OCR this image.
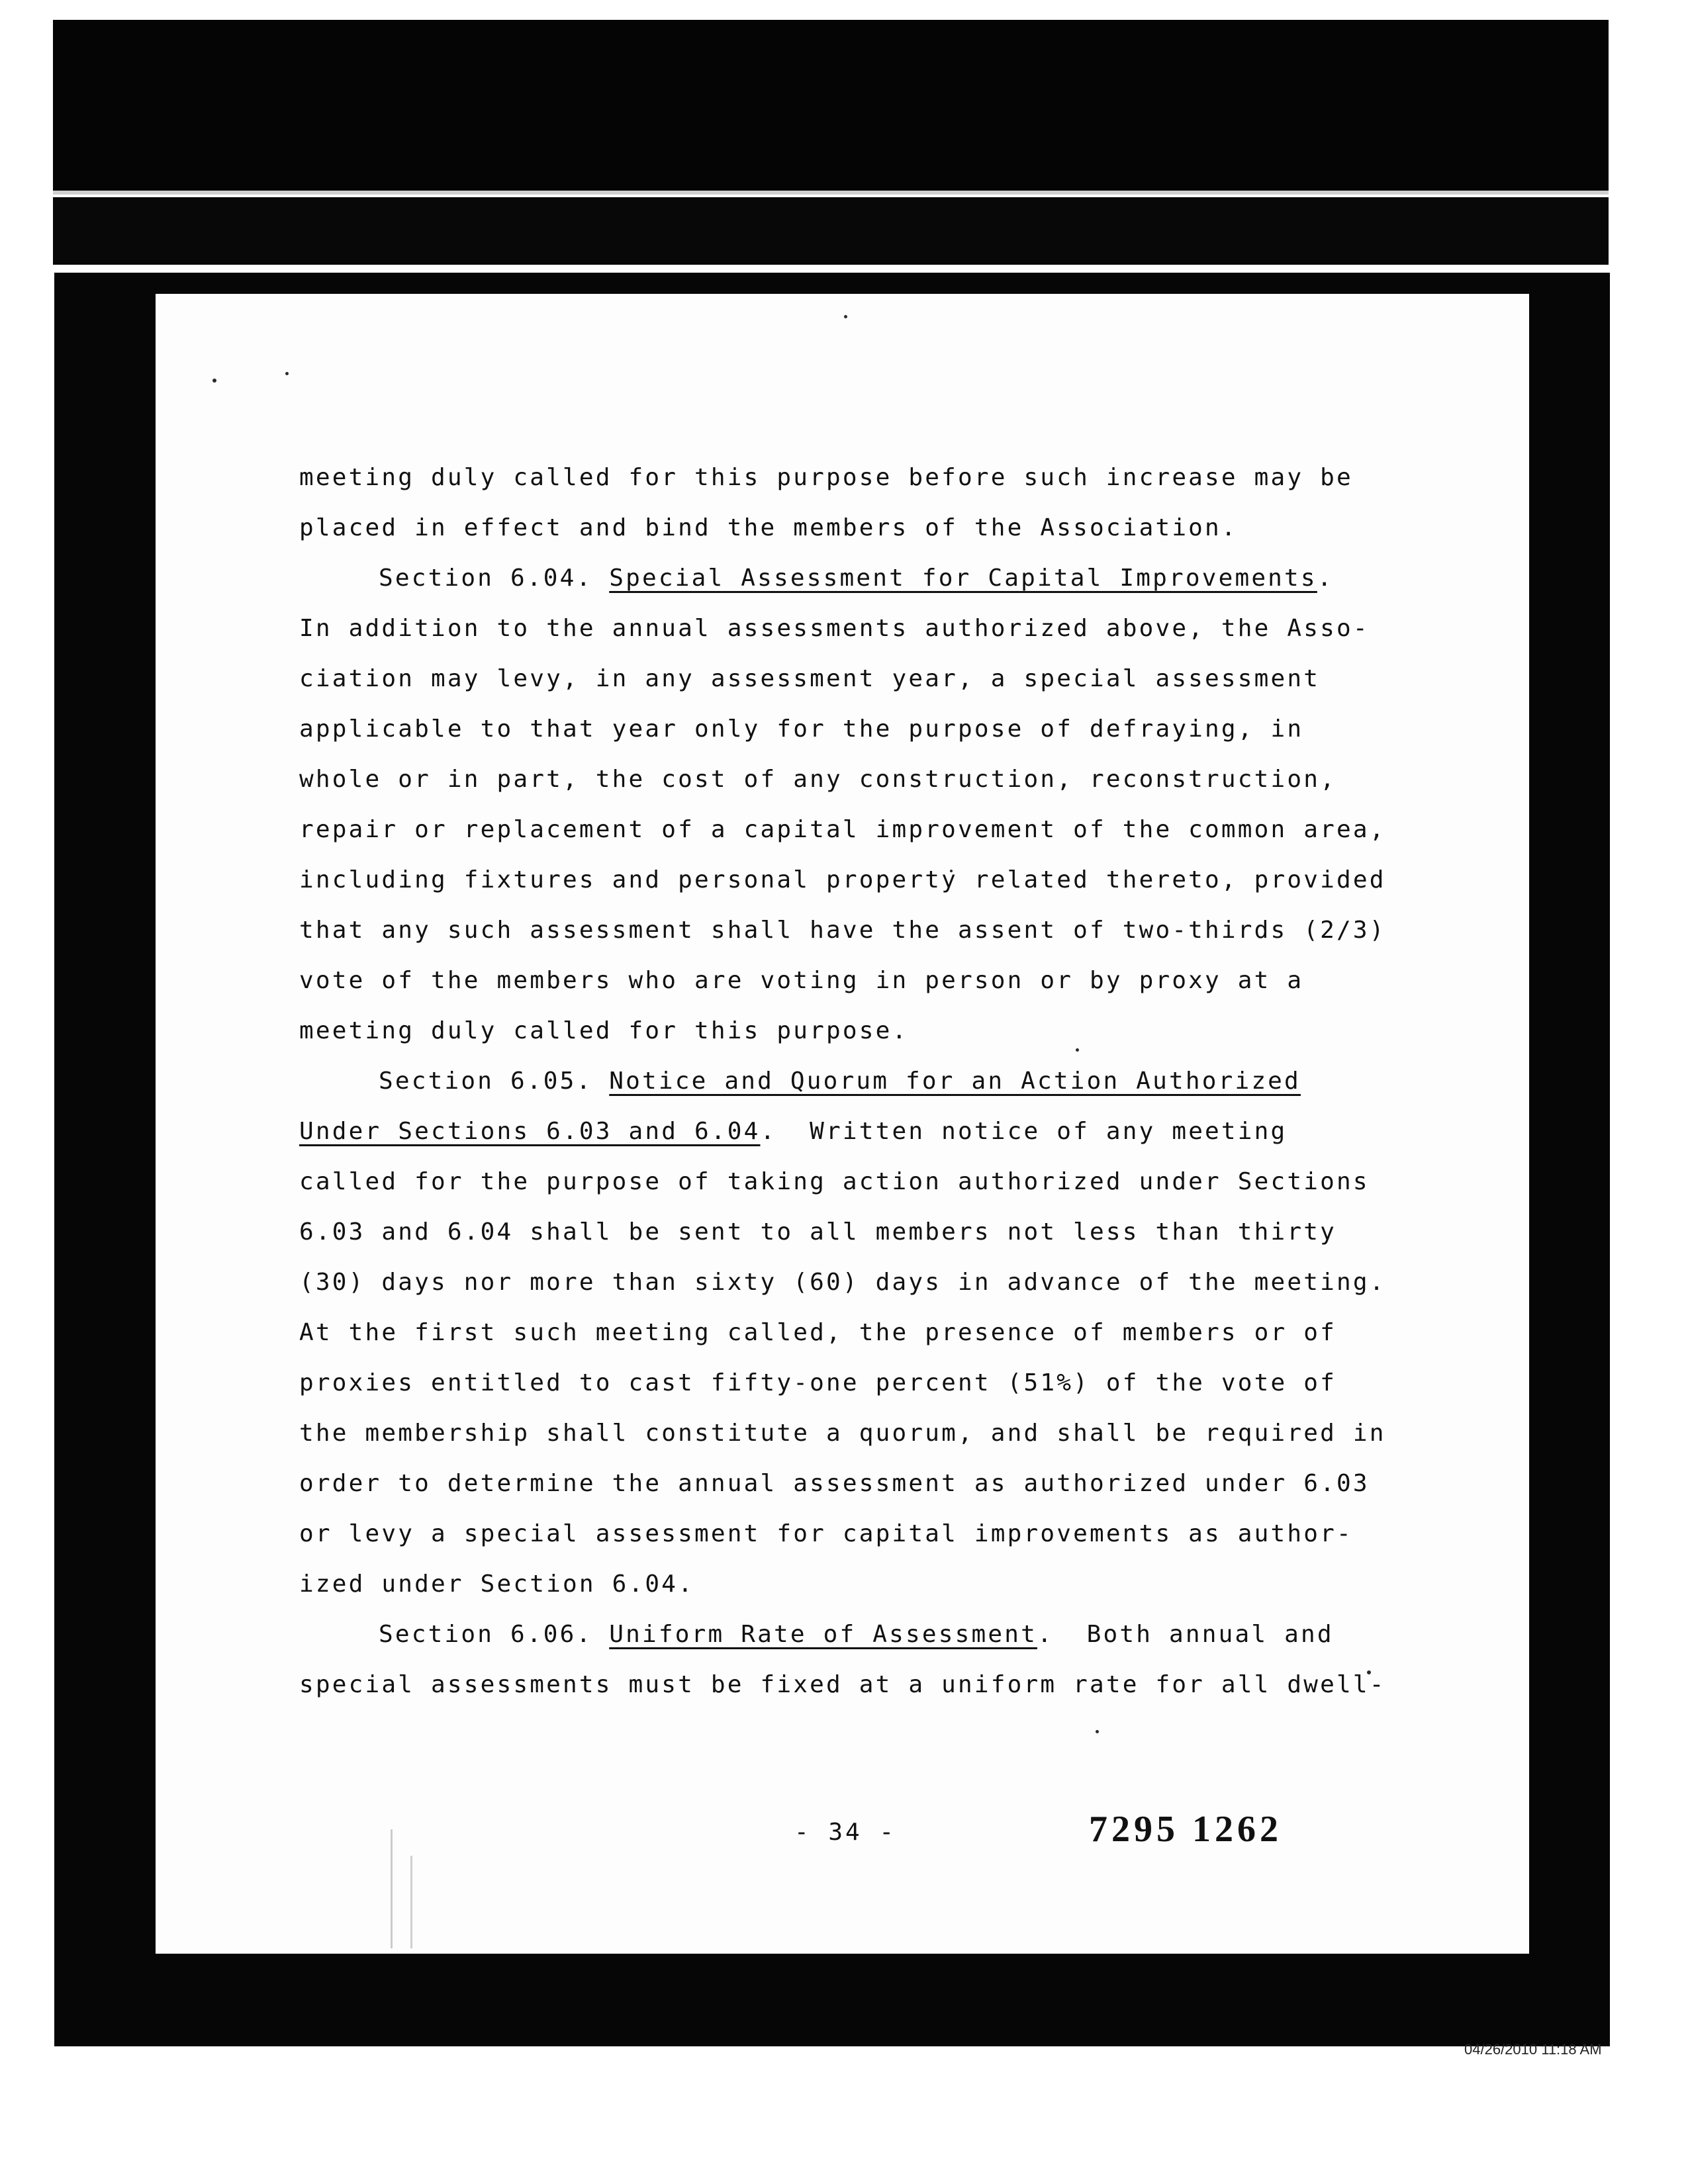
meeting duly called for this purpose before such increase may be
placed in effect and bind the members of the Association.
Section 6.04. Special Assessment for Capital Improvements.
In addition to the annual assessments authorized above, the Asso-
ciation may levy, in any assessment year, a special assessment
applicable to that year only for the purpose of defraying, in
whole or in part, the cost of any construction, reconstruction,
repair or replacement of a capital improvement of the common area,
including fixtures and personal property related thereto, provided
that any such assessment shall have the assent of two-thirds (2/3)
vote of the members who are voting in person or by proxy at a
meeting duly called for this purpose.
Section 6.05. Notice and Quorum for an Action Authorized
Under Sections 6.03 and 6.04.  Written notice of any meeting
called for the purpose of taking action authorized under Sections
6.03 and 6.04 shall be sent to all members not less than thirty
(30) days nor more than sixty (60) days in advance of the meeting.
At the first such meeting called, the presence of members or of
proxies entitled to cast fifty-one percent (51%) of the vote of
the membership shall constitute a quorum, and shall be required in
order to determine the annual assessment as authorized under 6.03
or levy a special assessment for capital improvements as author-
ized under Section 6.04.
Section 6.06. Uniform Rate of Assessment.  Both annual and
special assessments must be fixed at a uniform rate for all dwell-
- 34 -	7295 1262
04/26/2010 11:18 AM
